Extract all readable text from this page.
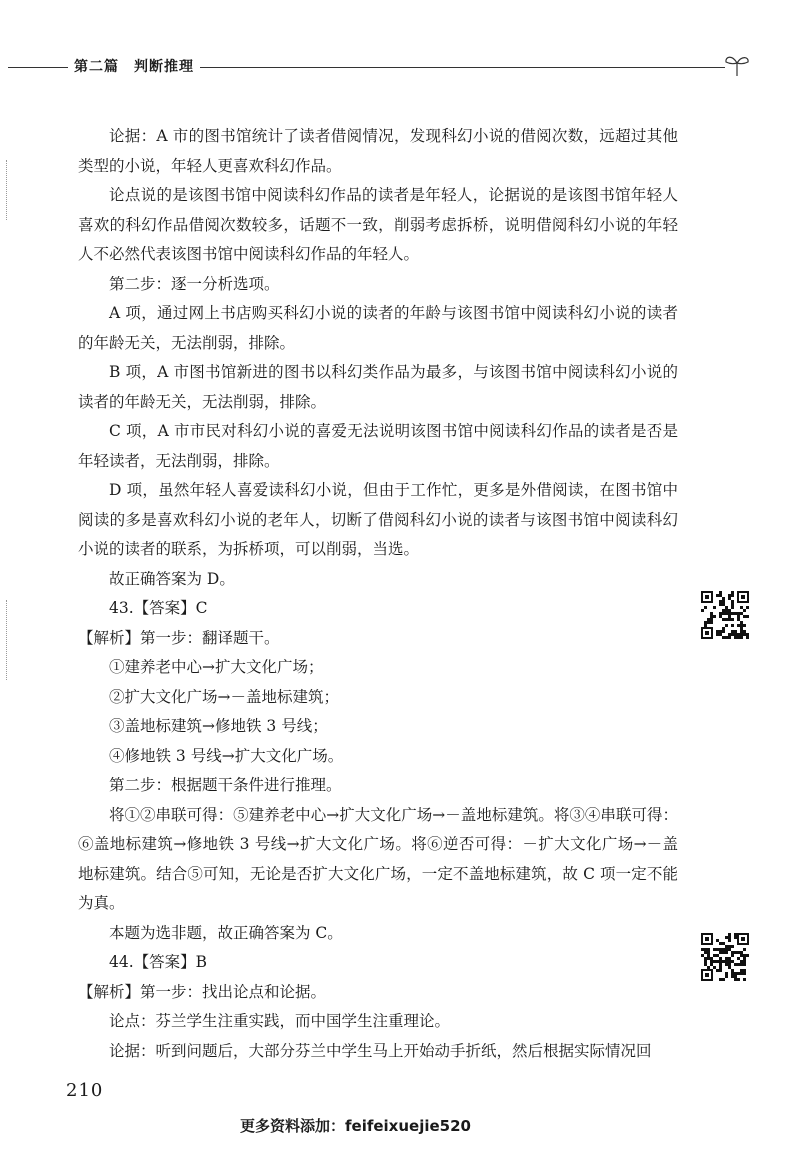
第二篇　判断推理

论据：A 市的图书馆统计了读者借阅情况，发现科幻小说的借阅次数，远超过其他类型的小说，年轻人更喜欢科幻作品。

论点说的是该图书馆中阅读科幻作品的读者是年轻人，论据说的是该图书馆年轻人喜欢的科幻作品借阅次数较多，话题不一致，削弱考虑拆桥，说明借阅科幻小说的年轻人不必然代表该图书馆中阅读科幻作品的年轻人。

第二步：逐一分析选项。

A 项，通过网上书店购买科幻小说的读者的年龄与该图书馆中阅读科幻小说的读者的年龄无关，无法削弱，排除。

B 项，A 市图书馆新进的图书以科幻类作品为最多，与该图书馆中阅读科幻小说的读者的年龄无关，无法削弱，排除。

C 项，A 市市民对科幻小说的喜爱无法说明该图书馆中阅读科幻作品的读者是否是年轻读者，无法削弱，排除。

D 项，虽然年轻人喜爱读科幻小说，但由于工作忙，更多是外借阅读，在图书馆中阅读的多是喜欢科幻小说的老年人，切断了借阅科幻小说的读者与该图书馆中阅读科幻小说的读者的联系，为拆桥项，可以削弱，当选。

故正确答案为 D。

43.【答案】C

【解析】第一步：翻译题干。

①建养老中心→扩大文化广场；

②扩大文化广场→－盖地标建筑；

③盖地标建筑→修地铁 3 号线；

④修地铁 3 号线→扩大文化广场。

第二步：根据题干条件进行推理。

将①②串联可得：⑤建养老中心→扩大文化广场→－盖地标建筑。将③④串联可得：⑥盖地标建筑→修地铁 3 号线→扩大文化广场。将⑥逆否可得：－扩大文化广场→－盖地标建筑。结合⑤可知，无论是否扩大文化广场，一定不盖地标建筑，故 C 项一定不能为真。

本题为选非题，故正确答案为 C。

44.【答案】B

【解析】第一步：找出论点和论据。

论点：芬兰学生注重实践，而中国学生注重理论。

论据：听到问题后，大部分芬兰中学生马上开始动手折纸，然后根据实际情况回

210
更多资料添加：feifeixuejie520
